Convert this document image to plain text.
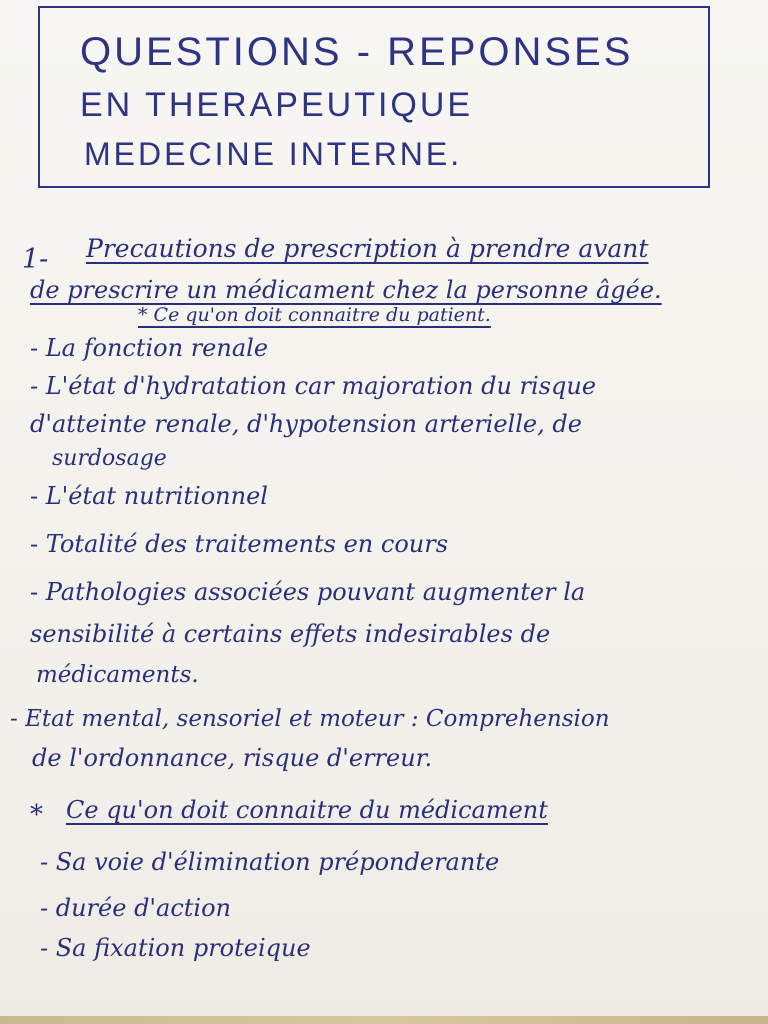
QUESTIONS - REPONSES
EN THERAPEUTIQUE
MEDECINE INTERNE.

1- Precautions de prescription à prendre avant

de prescrire un médicament chez la personne âgée.

* Ce qu'on doit connaitre du patient.

- La fonction renale

- L'état d'hydratation car majoration du risque

d'atteinte renale, d'hypotension arterielle, de

surdosage

- L'état nutritionnel

- Totalité des traitements en cours

- Pathologies associées pouvant augmenter la

sensibilité à certains effets indesirables de

médicaments.

- Etat mental, sensoriel et moteur : Comprehension

de l'ordonnance, risque d'erreur.

* Ce qu'on doit connaitre du médicament

- Sa voie d'élimination préponderante

- durée d'action

- Sa fixation proteique
